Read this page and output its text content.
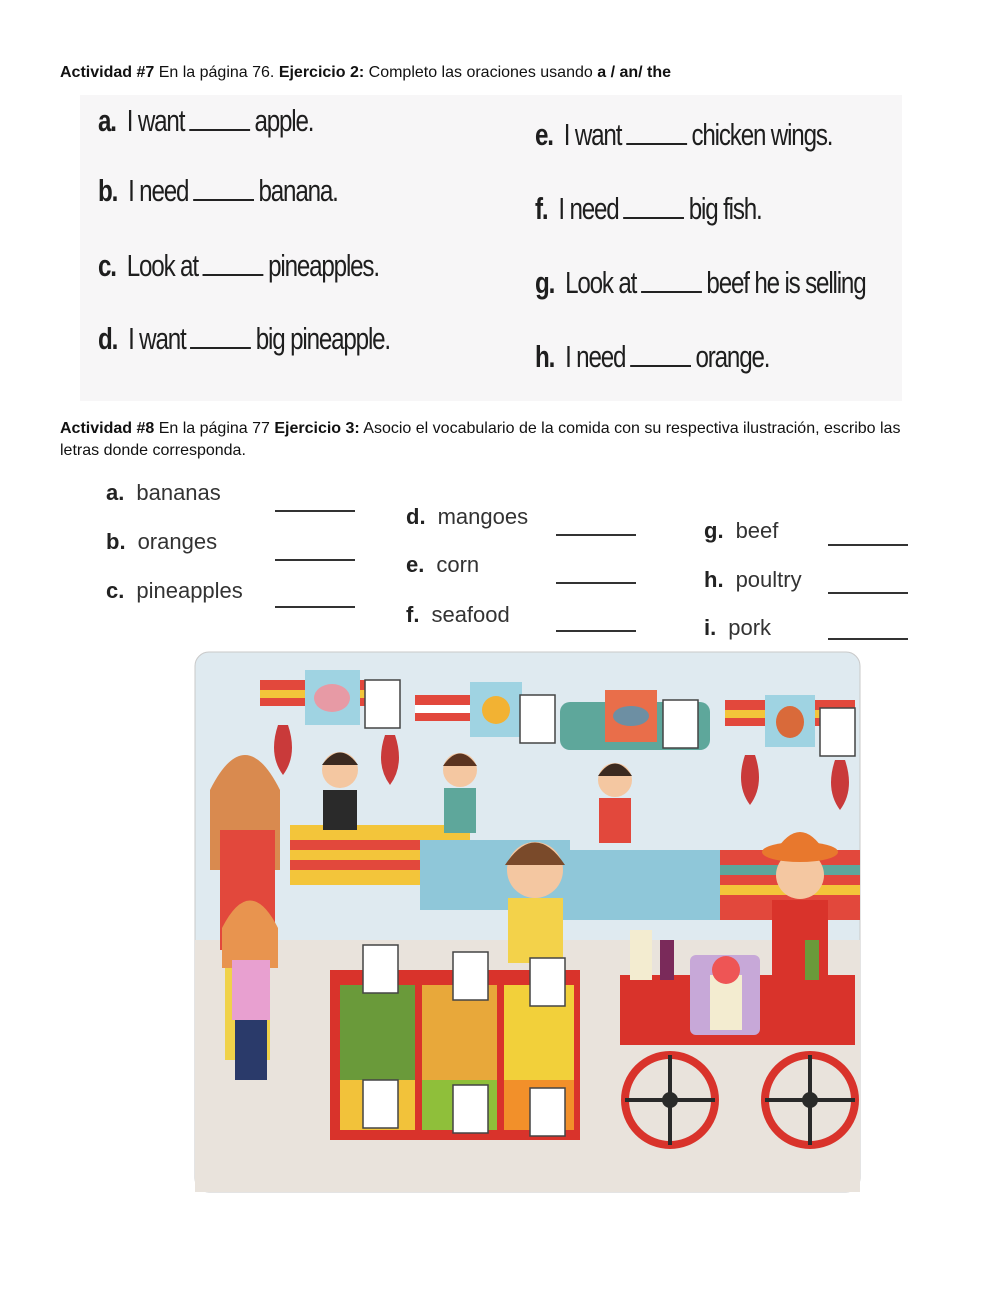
Actividad #7 En la página 76. Ejercicio 2: Completo las oraciones usando a / an/ the
a. I want apple.
b. I need banana.
c. Look at pineapples.
d. I want big pineapple.
e. I want chicken wings.
f. I need big fish.
g. Look at beef he is selling
h. I need orange.
Actividad #8 En la página 77 Ejercicio 3: Asocio el vocabulario de la comida con su respectiva ilustración, escribo las letras donde corresponda.
a. bananas
b. oranges
c. pineapples
d. mangoes
e. corn
f. seafood
g. beef
h. poultry
i. pork
